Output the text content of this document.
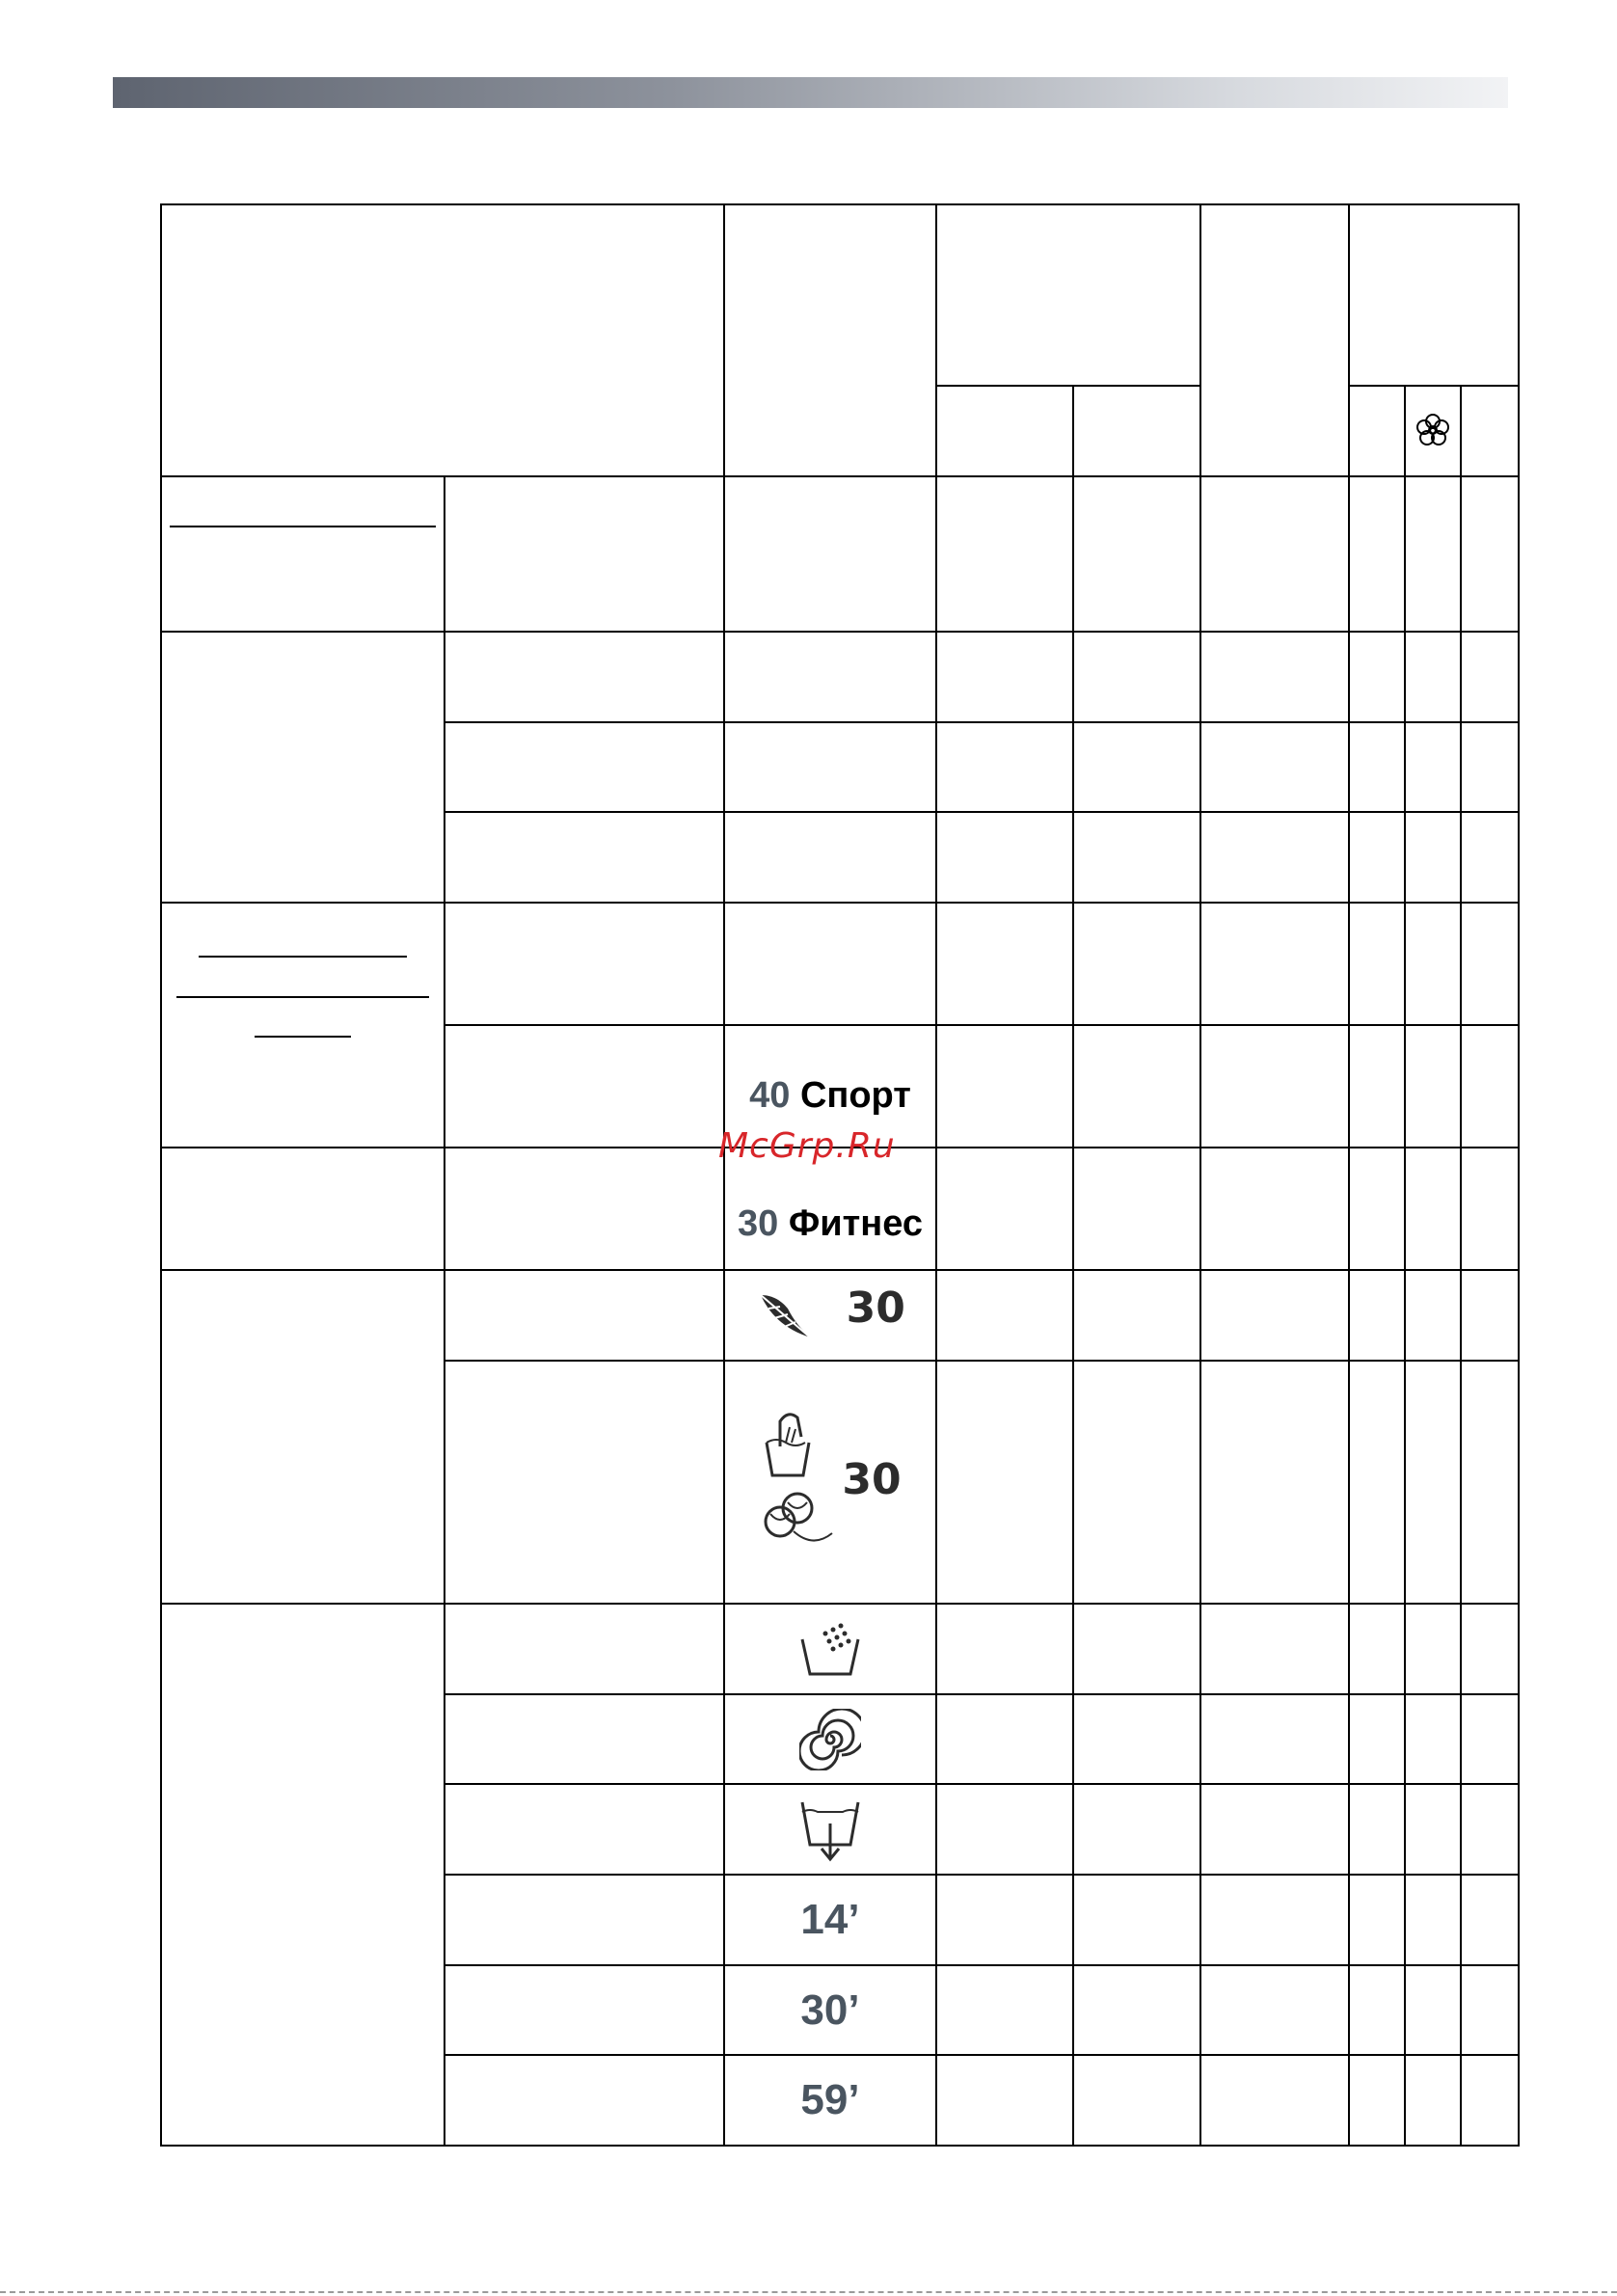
		40 Спорт						
		30 Фитнес						
		30						

		30						

		14’						
		30’						
		59’						
McGrp.Ru
